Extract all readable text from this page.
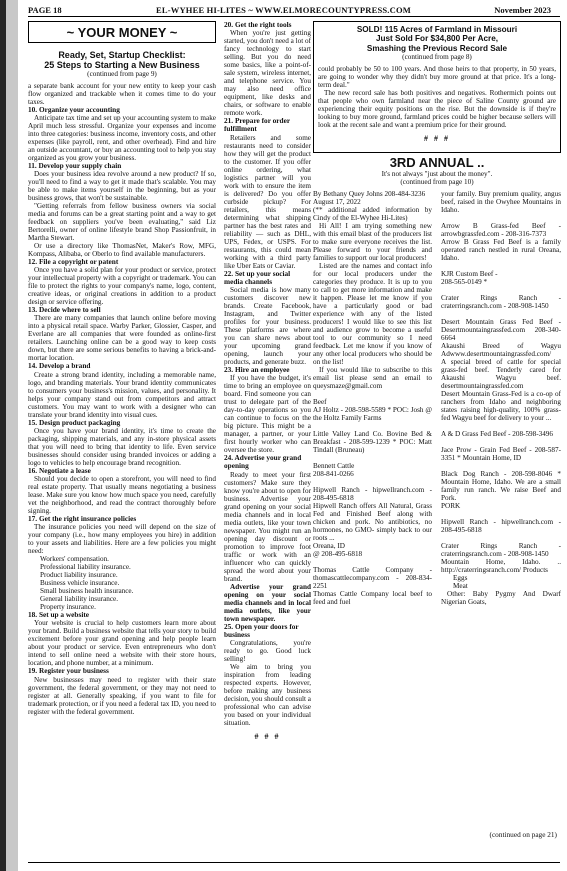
PAGE 18	EL-WYHEE HI-LITES ~ WWW.ELMORECOUNTYPRESS.COM	November 2023
~ YOUR MONEY ~
Ready, Set, Startup Checklist:
25 Steps to Starting a New Business
(continued from page 9)

a separate bank account for your new entity to keep your cash flow organized and trackable when it comes time to do your taxes.

10. Organize your accounting

Anticipate tax time and set up your accounting system to make April much less stressful. Organize your expenses and income into three categories: business income, inventory costs, and other expenses (like payroll, rent, and other overhead). Find and hire an outside accountant, or buy an accounting tool to help you stay organized as you grow your business.

11. Develop your supply chain

Does your business idea revolve around a new product? If so, you'll need to find a way to get it made that's scalable. You may be able to make items yourself in the beginning, but as your business grows, that won't be sustainable.

"Getting referrals from fellow business owners via social media and forums can be a great starting point and a way to get feedback on suppliers you've been evaluating," said Liz Bertorelli, owner of online lifestyle brand Shop Passionfruit, in Martha Stewart.

Or use a directory like ThomasNet, Maker's Row, MFG, Kompass, Alibaba, or Oberlo to find available manufacturers.

12. File a copyright or patent

Once you have a solid plan for your product or service, protect your intellectual property with a copyright or trademark. You can file to protect the rights to your company's name, logo, content, creative ideas, or original creations in addition to a product design or service offering.

13. Decide where to sell

There are many companies that launch online before moving into a physical retail space. Warby Parker, Glossier, Casper, and Everlane are all companies that were founded as online-first retailers. Launching online can be a good way to keep costs down, but there are some serious benefits to having a brick-and-mortar location.

14. Develop a brand

Create a strong brand identity, including a memorable name, logo, and branding materials. Your brand identity communicates to consumers your business's mission, values, and personality. It helps your company stand out from competitors and attract customers. You may want to work with a designer who can translate your brand identity into visual cues.

15. Design product packaging

Once you have your brand identity, it's time to create the packaging, shipping materials, and any in-store physical assets that you will need to bring that identity to life. Even service businesses should consider using branded invoices or adding a logo to vehicles to help encourage brand recognition.

16. Negotiate a lease

Should you decide to open a storefront, you will need to find real estate property. That usually means negotiating a business lease. Make sure you know how much space you need, carefully vet the neighborhood, and read the contract thoroughly before signing.

17. Get the right insurance policies

The insurance policies you need will depend on the size of your company (i.e., how many employees you hire) in addition to your assets and liabilities. Here are a few policies you might need:

Workers' compensation.
Professional liability insurance.
Product liability insurance.
Business vehicle insurance.
Small business health insurance.
General liability insurance.
Property insurance.
18. Set up a website

Your website is crucial to help customers learn more about your brand. Build a business website that tells your story to build excitement before your grand opening and help people learn about your product or service. Even entrepreneurs who don't intend to sell online need a website with their store hours, location, and phone number, at a minimum.

19. Register your business

New businesses may need to register with their state government, the federal government, or they may not need to register at all. Generally speaking, if you want to file for trademark protection, or if you need a federal tax ID, you need to register with the federal government.

20. Get the right tools

When you're just getting started, you don't need a lot of fancy technology to start selling. But you do need some basics, like a point-of-sale system, wireless internet, and telephone service. You may also need office equipment, like desks and chairs, or software to enable remote work.

21. Prepare for order fulfillment

Retailers and some restaurants need to consider how they will get the product to the customer. If you offer online ordering, what logistics partner will you work with to ensure the item is delivered? Do you offer curbside pickup? For retailers, this means determining what shipping partner has the best rates and reliability — such as DHL, UPS, Fedex, or USPS. For restaurants, this could mean working with a third party like Uber Eats or Caviar.

22. Set up your social media channels

Social media is how many customers discover new brands. Create Facebook, Instagram, and Twitter profiles for your business. These platforms are where you can share news about your upcoming grand opening, launch your products, and generate buzz.

23. Hire an employee

If you have the budget, it's time to bring an employee on board. Find someone you can trust to delegate part of the day-to-day operations so you can continue to focus on the big picture. This might be a manager, a partner, or your first hourly worker who can oversee the store.

24. Advertise your grand opening

Ready to meet your first customers? Make sure they know you're about to open for business. Advertise your grand opening on your social media channels and in local media outlets, like your town newspaper. You might run an opening day discount or promotion to improve foot traffic or work with an influencer who can quickly spread the word about your brand.

Advertise your grand opening on your social media channels and in local media outlets, like your town newspaper.

25. Open your doors for business

Congratulations, you're ready to go. Good luck selling!

We aim to bring you inspiration from leading respected experts. However, before making any business decision, you should consult a professional who can advise you based on your individual situation.

# # #
SOLD! 115 Acres of Farmland in Missouri
Just Sold For $34,800 Per Acre,
Smashing the Previous Record Sale
(continued from page 8)

could probably be 50 to 100 years. And those heirs to that property, in 50 years, are going to wonder why they didn't buy more ground at that price. It's a long-term deal."

The new record sale has both positives and negatives. Rothermich points out that people who own farmland near the piece of Saline County ground are experiencing their equity positions on the rise. But the downside is if they're looking to buy more ground, farmland prices could be higher because sellers will look at the recent sale and want a premium price for their ground.

# # #
3RD ANNUAL ..
It's not always "just about the money".
(continued from page 10)

By Bethany Quey Johns 208-484-3236

August 17, 2022

(** additional added information by Cindy of the El-Wyhee Hi-Lites)

Hi All! I am trying something new with this email blast of the producers list to make sure everyone receives the list. Please forward to your friends and families to support our local producers!

Listed are the names and contact info for our local producers under the categories they produce. It is up to you to call to get more information and make it happen. Please let me know if you have a particularly good or bad experience with any of the listed producers! I would like to see this list and audience grow to become a useful tool to our community so I need feedback. Let me know if you know of any other local producers who should be on the list!

If you would like to subscribe to this email list please send an email to queysmaze@gmail.com

Beef

AJ Holtz - 208-598-5589 * POC: Josh @ the Holtz Family Farms

Little Valley Land Co. Bovine Bed & Breakfast - 208-599-1239 * POC: Matt Tindall (Bruneau)

Bennett Cattle
208-841-0266

Hipwell Ranch - hipwellranch.com - 208-495-6818

Hipwell Ranch offers All Natural, Grass Fed and Finished Beef along with chicken and pork. No antibiotics, no hormones, no GMO- simply back to our roots ...

Oreana, ID
@ 208-495-6818

Thomas Cattle Company - thomascattlecompany.com - 208-834-2251

Thomas Cattle Company local beef to feed and fuel

your family. Buy premium quality, angus beef, raised in the Owyhee Mountains in Idaho.

Arrow B Grass-fed Beef - arrowbgrassfed.com - 208-316-7373

Arrow B Grass Fed Beef is a family operated ranch nestled in rural Oreana, Idaho.

KJR Custom Beef -
208-565-0149 *

Crater Rings Ranch - craterringsranch.com - 208-908-1450

Desert Mountain Grass Fed Beef - Desertmountaingrassfed.com 208-340-6664

Akaushi Breed of Wagyu Adwww.desertmountaingrassfed.com/

A special breed of cattle for special grass-fed beef. Tenderly cared for Akaushi Wagyu beef. desertmountaingrassfed.com

Desert Mountain Grass-Fed is a co-op of ranchers from Idaho and neighboring states raising high-quality, 100% grass-fed Wagyu beef for delivery to your ...

A & D Grass Fed Beef - 208-598-3496

Jace Prow - Grain Fed Beef - 208-587-3351 * Mountain Home, ID

Black Dog Ranch - 208-598-8046 * Mountain Home, Idaho. We are a small family run ranch. We raise Beef and Pork.

PORK

Hipwell Ranch - hipwellranch.com - 208-495-6818

Crater Rings Ranch - craterringsranch.com - 208-908-1450

Mountain Home, Idaho. .. http://craterringsranch.com/ Products

Eggs
Meat

Other: Baby Pygmy And Dwarf Nigerian Goats,

(continued on page 21)
